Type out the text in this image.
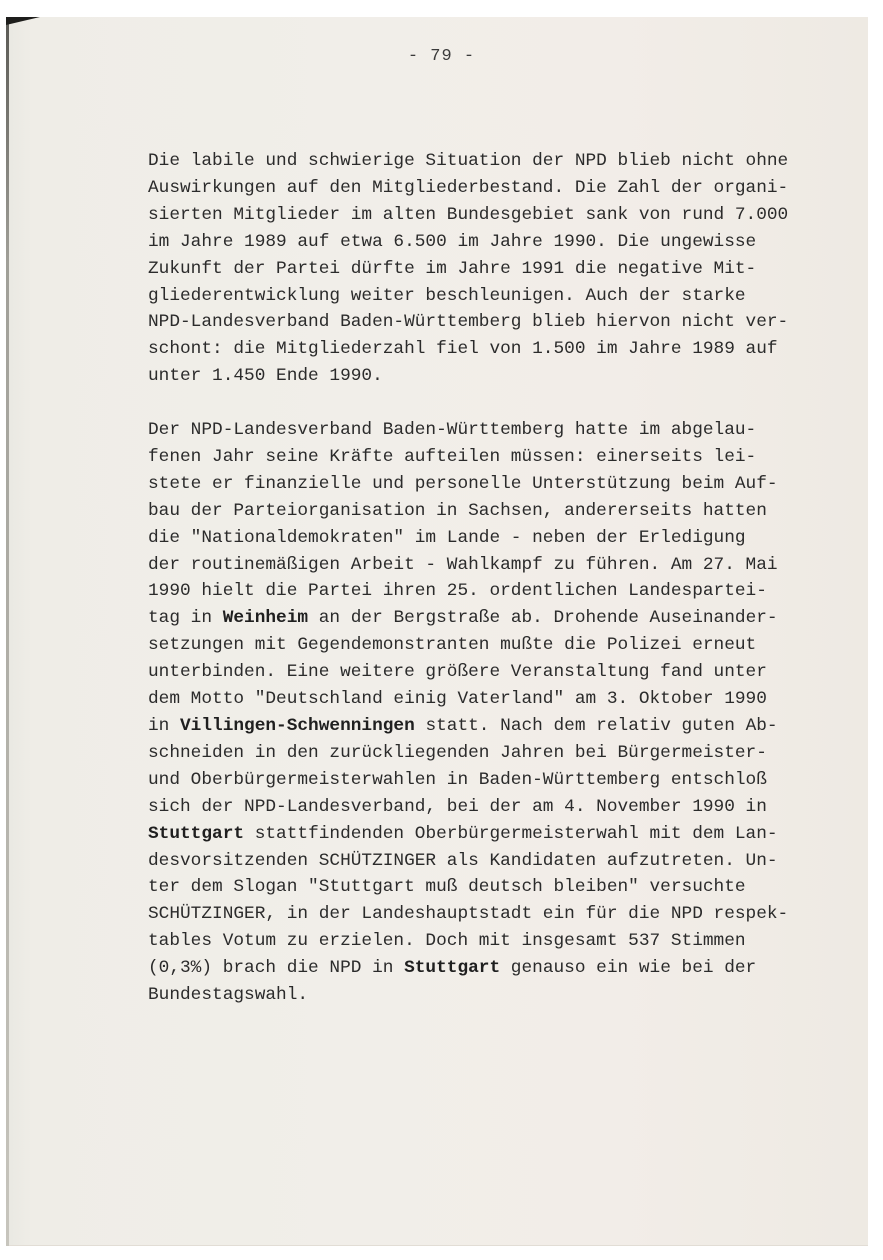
- 79 -

Die labile und schwierige Situation der NPD blieb nicht ohne
Auswirkungen auf den Mitgliederbestand. Die Zahl der organi-
sierten Mitglieder im alten Bundesgebiet sank von rund 7.000
im Jahre 1989 auf etwa 6.500 im Jahre 1990. Die ungewisse
Zukunft der Partei dürfte im Jahre 1991 die negative Mit-
gliederentwicklung weiter beschleunigen. Auch der starke
NPD-Landesverband Baden-Württemberg blieb hiervon nicht ver-
schont: die Mitgliederzahl fiel von 1.500 im Jahre 1989 auf
unter 1.450 Ende 1990.

Der NPD-Landesverband Baden-Württemberg hatte im abgelau-
fenen Jahr seine Kräfte aufteilen müssen: einerseits lei-
stete er finanzielle und personelle Unterstützung beim Auf-
bau der Parteiorganisation in Sachsen, andererseits hatten
die "Nationaldemokraten" im Lande - neben der Erledigung
der routinemäßigen Arbeit - Wahlkampf zu führen. Am 27. Mai
1990 hielt die Partei ihren 25. ordentlichen Landespartei-
tag in Weinheim an der Bergstraße ab. Drohende Auseinander-
setzungen mit Gegendemonstranten mußte die Polizei erneut
unterbinden. Eine weitere größere Veranstaltung fand unter
dem Motto "Deutschland einig Vaterland" am 3. Oktober 1990
in Villingen-Schwenningen statt. Nach dem relativ guten Ab-
schneiden in den zurückliegenden Jahren bei Bürgermeister-
und Oberbürgermeisterwahlen in Baden-Württemberg entschloß
sich der NPD-Landesverband, bei der am 4. November 1990 in
Stuttgart stattfindenden Oberbürgermeisterwahl mit dem Lan-
desvorsitzenden SCHÜTZINGER als Kandidaten aufzutreten. Un-
ter dem Slogan "Stuttgart muß deutsch bleiben" versuchte
SCHÜTZINGER, in der Landeshauptstadt ein für die NPD respek-
tables Votum zu erzielen. Doch mit insgesamt 537 Stimmen
(0,3%) brach die NPD in Stuttgart genauso ein wie bei der
Bundestagswahl.
